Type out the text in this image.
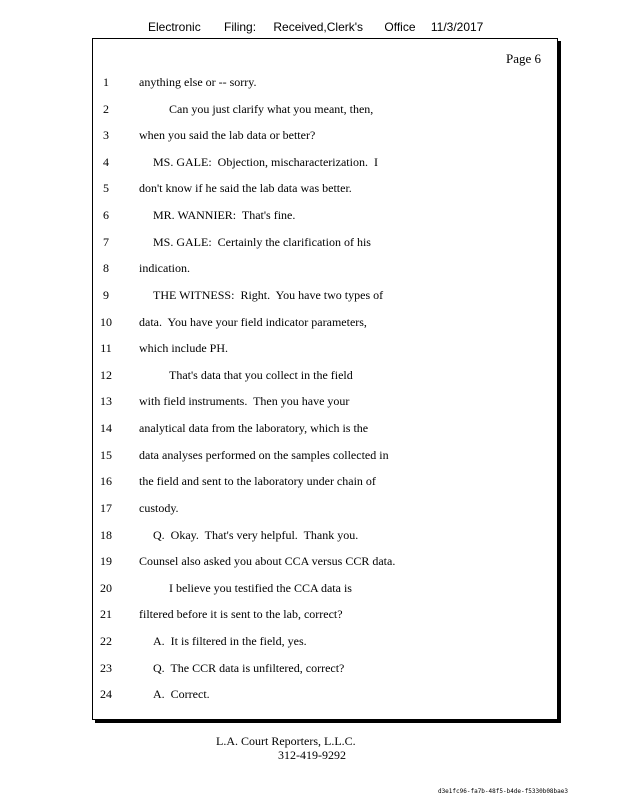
Electronic Filing: Received,Clerk's Office 11/3/2017
Page 6
1	anything else or -- sorry.
2	Can you just clarify what you meant, then,
3	when you said the lab data or better?
4	MS. GALE:  Objection, mischaracterization.  I
5	don't know if he said the lab data was better.
6	MR. WANNIER:  That's fine.
7	MS. GALE:  Certainly the clarification of his
8	indication.
9	THE WITNESS:  Right.  You have two types of
10	data.  You have your field indicator parameters,
11	which include PH.
12	That's data that you collect in the field
13	with field instruments.  Then you have your
14	analytical data from the laboratory, which is the
15	data analyses performed on the samples collected in
16	the field and sent to the laboratory under chain of
17	custody.
18	Q.  Okay.  That's very helpful.  Thank you.
19	Counsel also asked you about CCA versus CCR data.
20	I believe you testified the CCA data is
21	filtered before it is sent to the lab, correct?
22	A.  It is filtered in the field, yes.
23	Q.  The CCR data is unfiltered, correct?
24	A.  Correct.
L.A. Court Reporters, L.L.C.
312-419-9292
d3e1fc96-fa7b-48f5-b4de-f5330b08bae3
